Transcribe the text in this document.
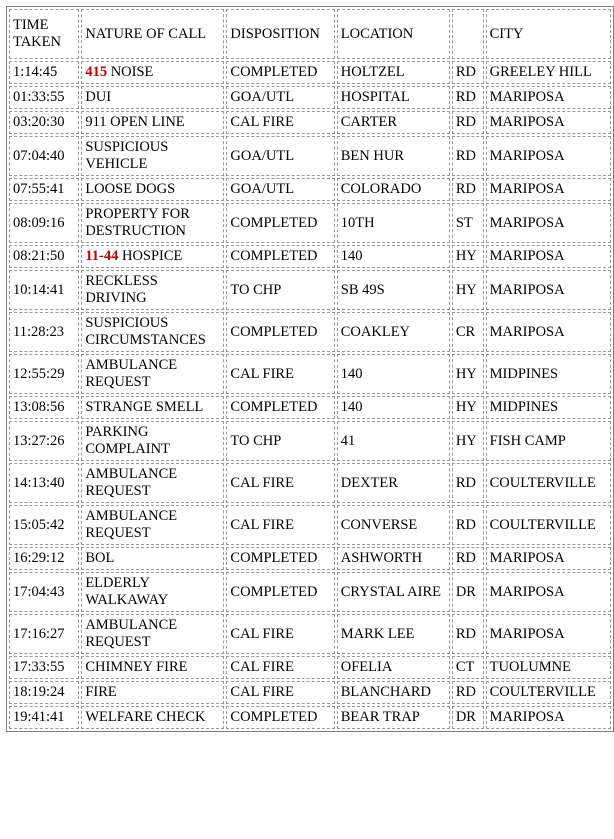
TIME TAKEN	NATURE OF CALL	DISPOSITION	LOCATION		CITY
1:14:45	415 NOISE	COMPLETED	HOLTZEL	RD	GREELEY HILL
01:33:55	DUI	GOA/UTL	HOSPITAL	RD	MARIPOSA
03:20:30	911 OPEN LINE	CAL FIRE	CARTER	RD	MARIPOSA
07:04:40	SUSPICIOUS VEHICLE	GOA/UTL	BEN HUR	RD	MARIPOSA
07:55:41	LOOSE DOGS	GOA/UTL	COLORADO	RD	MARIPOSA
08:09:16	PROPERTY FOR DESTRUCTION	COMPLETED	10TH	ST	MARIPOSA
08:21:50	11-44 HOSPICE	COMPLETED	140	HY	MARIPOSA
10:14:41	RECKLESS DRIVING	TO CHP	SB 49S	HY	MARIPOSA
11:28:23	SUSPICIOUS CIRCUMSTANCES	COMPLETED	COAKLEY	CR	MARIPOSA
12:55:29	AMBULANCE REQUEST	CAL FIRE	140	HY	MIDPINES
13:08:56	STRANGE SMELL	COMPLETED	140	HY	MIDPINES
13:27:26	PARKING COMPLAINT	TO CHP	41	HY	FISH CAMP
14:13:40	AMBULANCE REQUEST	CAL FIRE	DEXTER	RD	COULTERVILLE
15:05:42	AMBULANCE REQUEST	CAL FIRE	CONVERSE	RD	COULTERVILLE
16:29:12	BOL	COMPLETED	ASHWORTH	RD	MARIPOSA
17:04:43	ELDERLY WALKAWAY	COMPLETED	CRYSTAL AIRE	DR	MARIPOSA
17:16:27	AMBULANCE REQUEST	CAL FIRE	MARK LEE	RD	MARIPOSA
17:33:55	CHIMNEY FIRE	CAL FIRE	OFELIA	CT	TUOLUMNE
18:19:24	FIRE	CAL FIRE	BLANCHARD	RD	COULTERVILLE
19:41:41	WELFARE CHECK	COMPLETED	BEAR TRAP	DR	MARIPOSA
